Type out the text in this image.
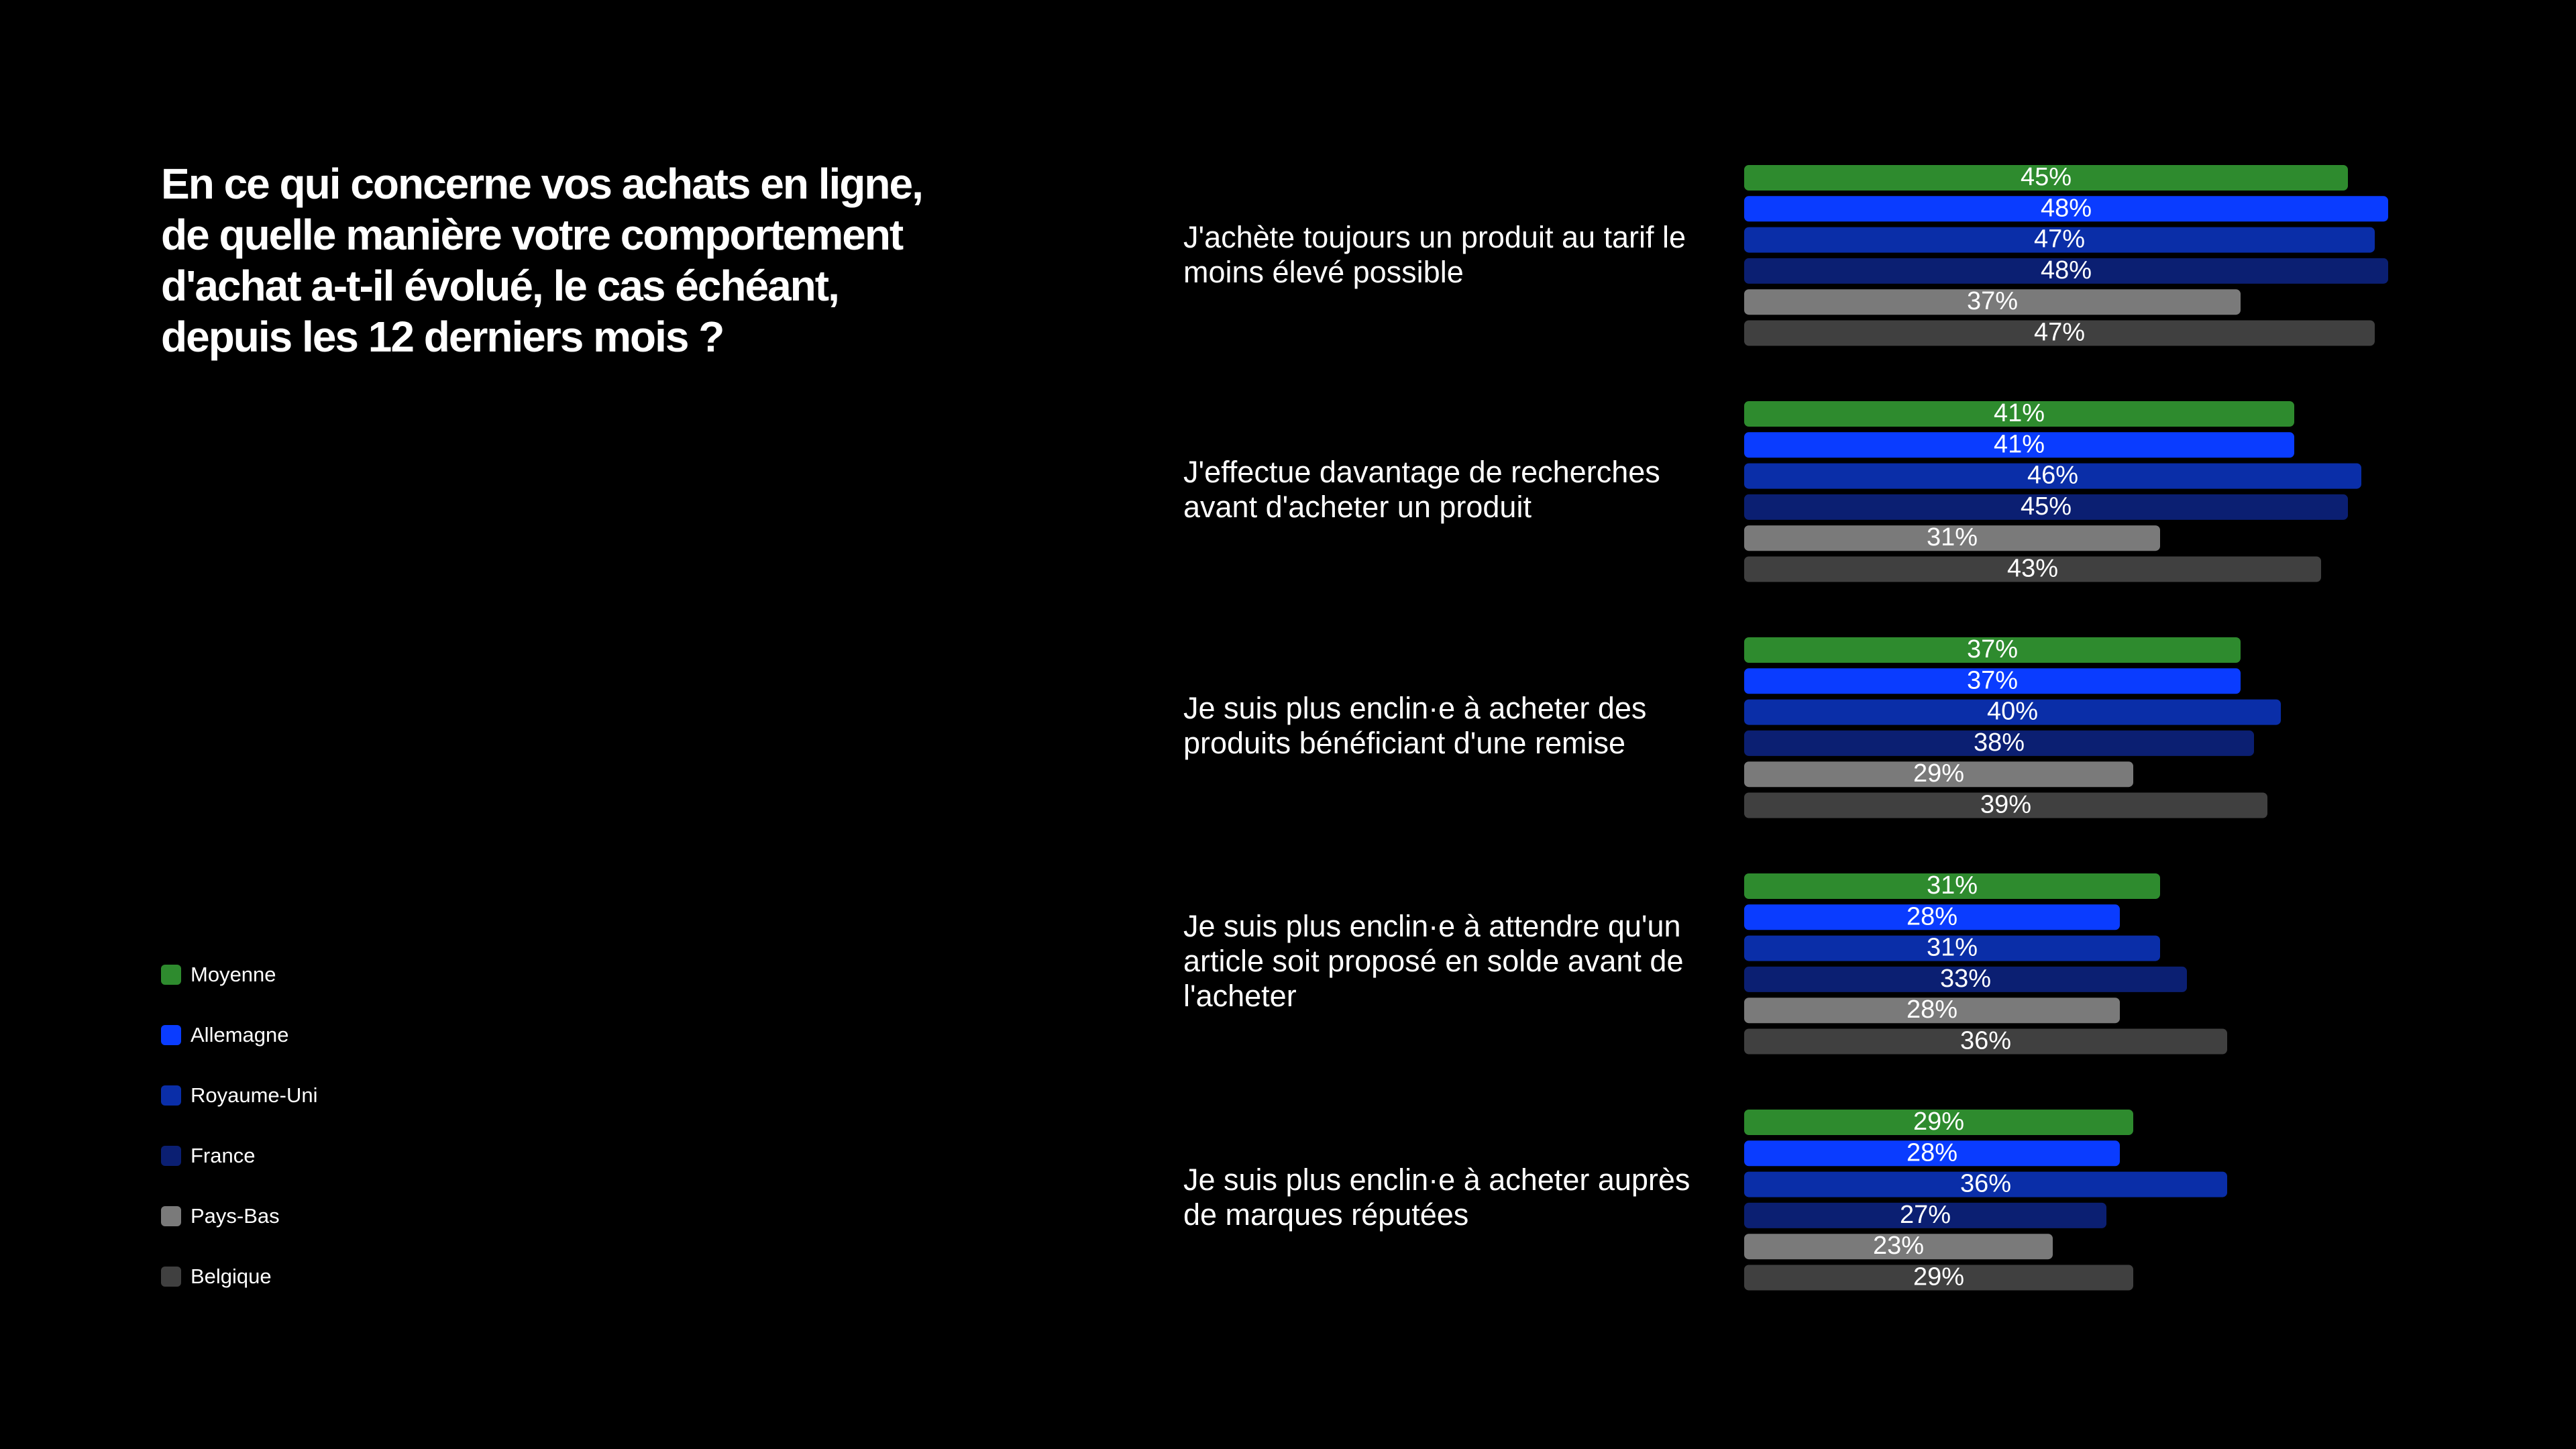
En ce qui concerne vos achats en ligne, de quelle manière votre comportement d'achat a-t-il évolué, le cas échéant, depuis les 12 derniers mois ?
Moyenne
Allemagne
Royaume-Uni
France
Pays-Bas
Belgique

J'achète toujours un produit au tarif le moins élevé possible

J'effectue davantage de recherches avant d'acheter un produit

Je suis plus enclin·e à acheter des produits bénéficiant d'une remise

Je suis plus enclin·e à attendre qu'un article soit proposé en solde avant de l'acheter

Je suis plus enclin·e à acheter auprès de marques réputées

45%
48%
47%
48%
37%
47%
41%
41%
46%
45%
31%
43%
37%
37%
40%
38%
29%
39%
31%
28%
31%
33%
28%
36%
29%
28%
36%
27%
23%
29%
